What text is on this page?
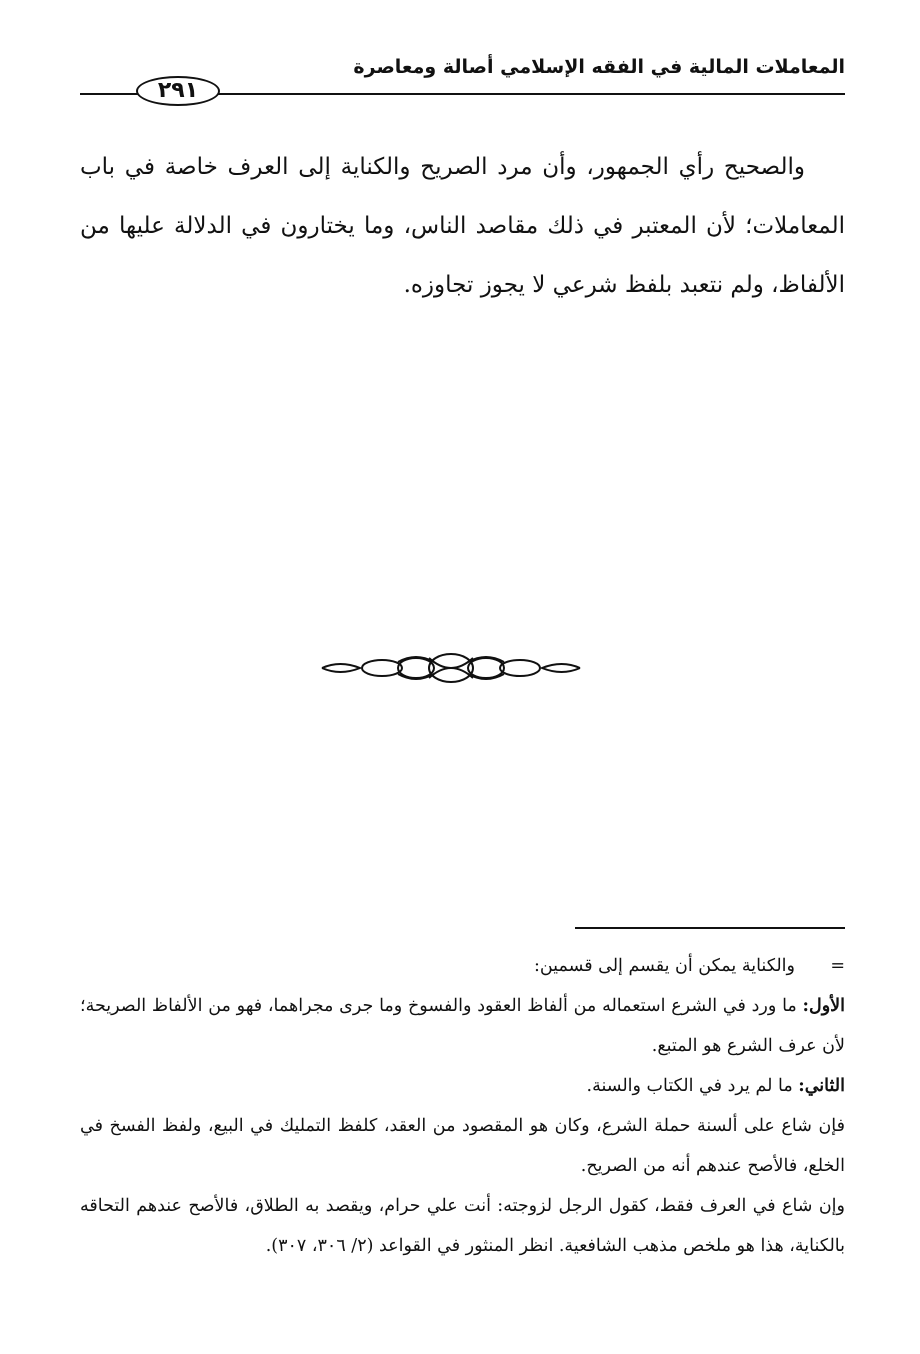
المعاملات المالية في الفقه الإسلامي أصالة ومعاصرة
٢٩١

والصحيح رأي الجمهور، وأن مرد الصريح والكناية إلى العرف خاصة في باب المعاملات؛ لأن المعتبر في ذلك مقاصد الناس، وما يختارون في الدلالة عليها من الألفاظ، ولم نتعبد بلفظ شرعي لا يجوز تجاوزه.

=والكناية يمكن أن يقسم إلى قسمين:

الأول: ما ورد في الشرع استعماله من ألفاظ العقود والفسوخ وما جرى مجراهما، فهو من الألفاظ الصريحة؛ لأن عرف الشرع هو المتبع.

الثاني: ما لم يرد في الكتاب والسنة.

فإن شاع على ألسنة حملة الشرع، وكان هو المقصود من العقد، كلفظ التمليك في البيع، ولفظ الفسخ في الخلع، فالأصح عندهم أنه من الصريح.

وإن شاع في العرف فقط، كقول الرجل لزوجته: أنت علي حرام، ويقصد به الطلاق، فالأصح عندهم التحاقه بالكناية، هذا هو ملخص مذهب الشافعية. انظر المنثور في القواعد (٢/ ٣٠٦، ٣٠٧).
